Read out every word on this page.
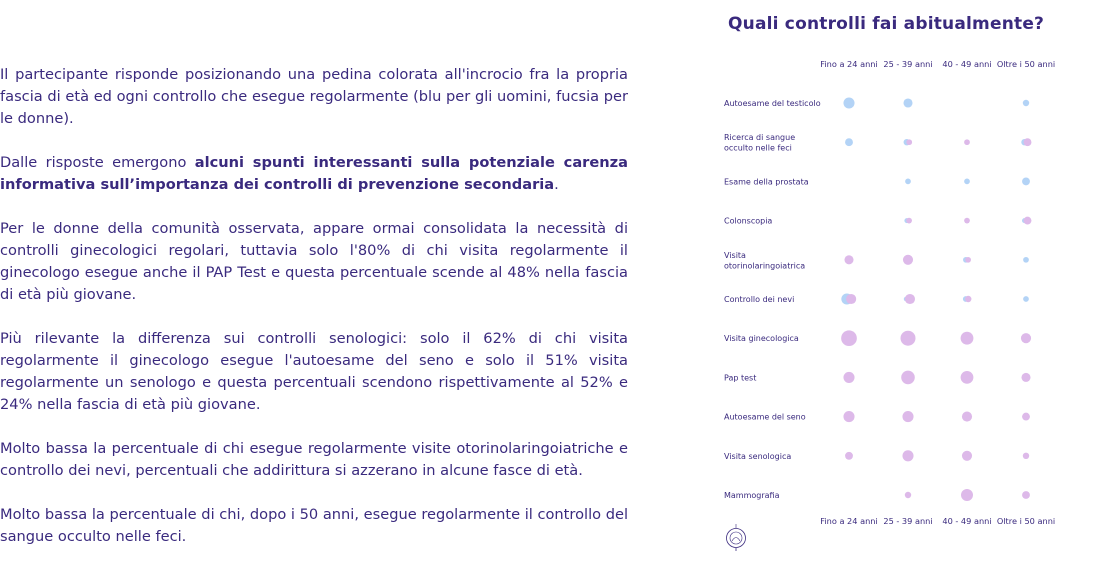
Il partecipante risponde posizionando una pedina colorata all'incrocio fra la propria fascia di età ed ogni controllo che esegue regolarmente (blu per gli uomini, fucsia per le donne).

Dalle risposte emergono alcuni spunti interessanti sulla potenziale carenza informativa sull’importanza dei controlli di prevenzione secondaria.

Per le donne della comunità osservata, appare ormai consolidata la necessità di controlli ginecologici regolari, tuttavia solo l'80% di chi visita regolarmente il ginecologo esegue anche il PAP Test e questa percentuale scende al 48% nella fascia di età più giovane.

Più rilevante la differenza sui controlli senologici: solo il 62% di chi visita regolarmente il ginecologo esegue l'autoesame del seno e solo il 51% visita regolarmente un senologo e questa percentuali scendono rispettivamente al 52% e 24% nella fascia di età più giovane.

Molto bassa la percentuale di chi esegue regolarmente visite otorinolaringoiatriche e controllo dei nevi, percentuali che addirittura si azzerano in alcune fasce di età.

Molto bassa la percentuale di chi, dopo i 50 anni, esegue regolarmente il controllo del sangue occulto nelle feci.

Quali controlli fai abitualmente?
Fino a 24 anni
Fino a 24 anni
25 - 39 anni
25 - 39 anni
40 - 49 anni
40 - 49 anni
Oltre i 50 anni
Oltre i 50 anni
Autoesame del testicolo
Ricerca di sangue occulto nelle feci
Esame della prostata
Colonscopia
Visita otorinolaringoiatrica
Controllo dei nevi
Visita ginecologica
Pap test
Autoesame del seno
Visita senologica
Mammografia
